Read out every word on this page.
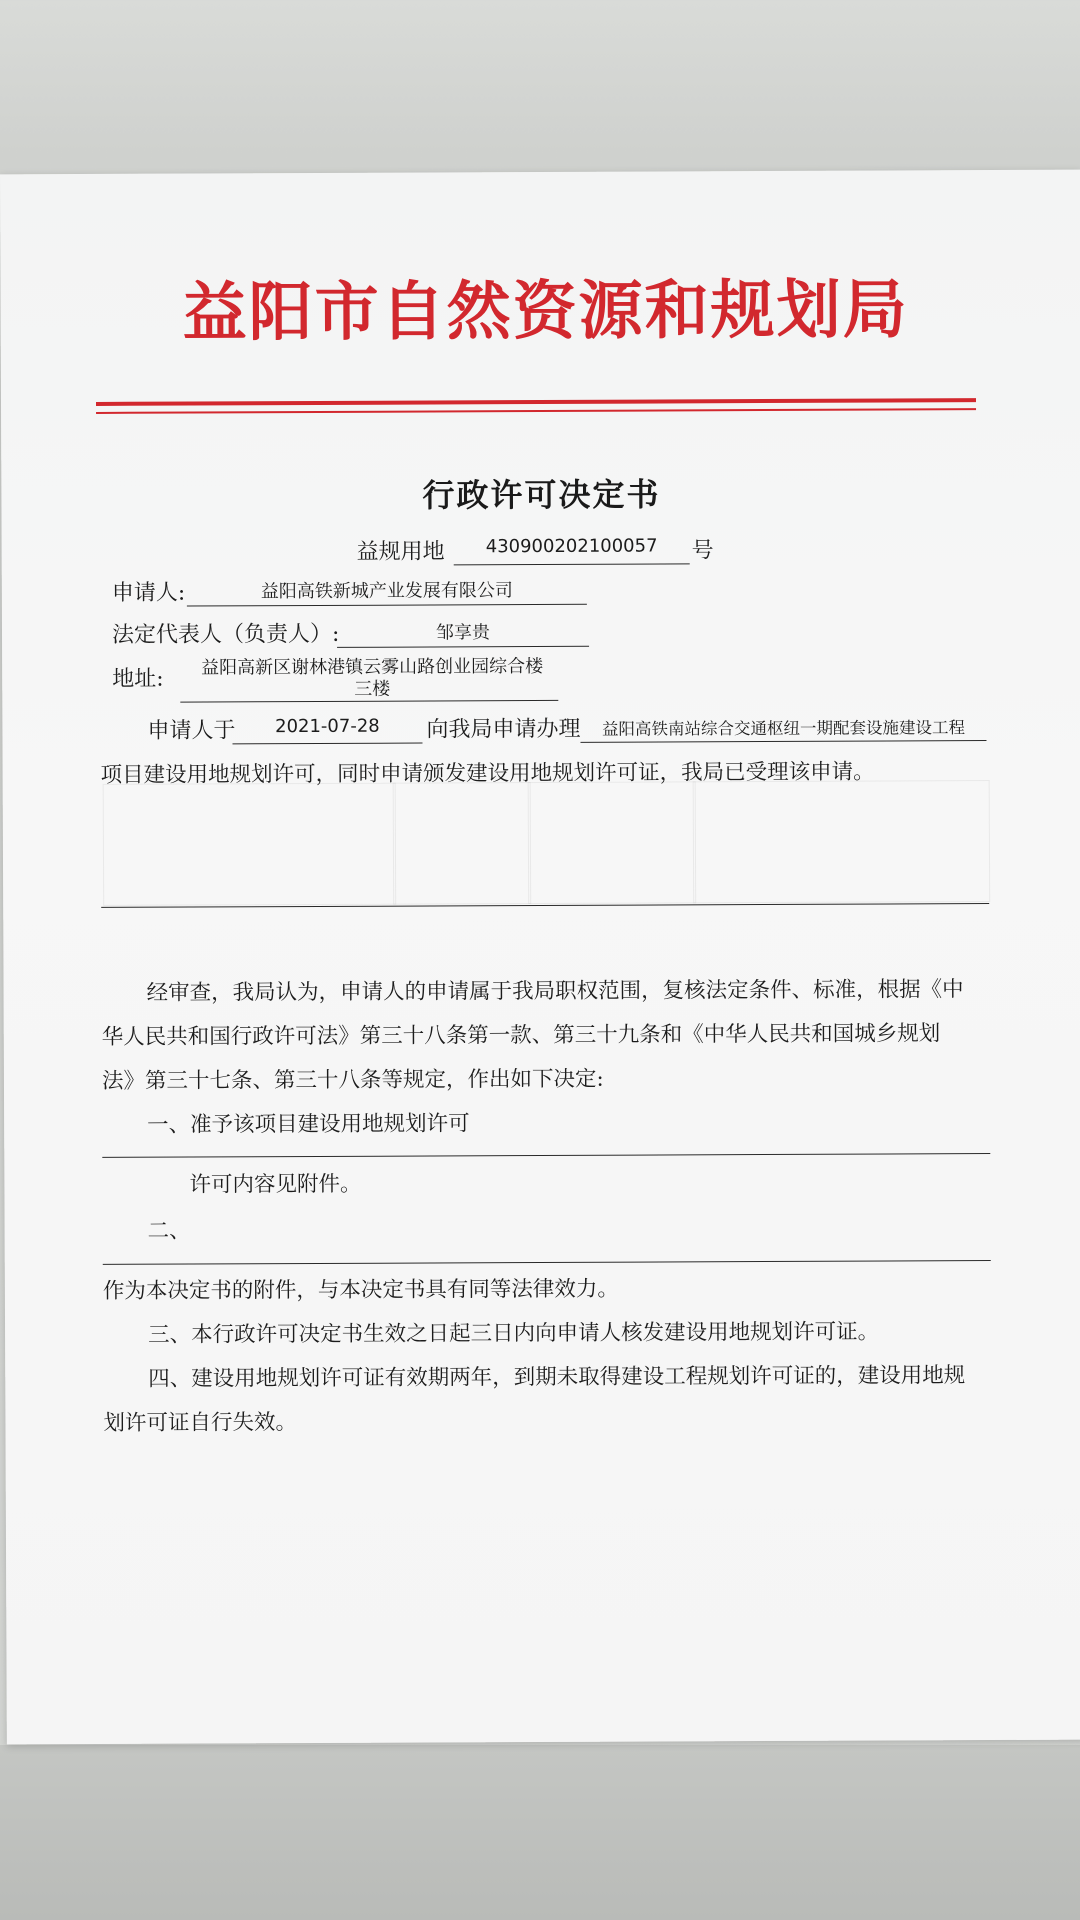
益阳市自然资源和规划局
行政许可决定书
益规用地	430900202100057	号
申请人:	益阳高铁新城产业发展有限公司
法定代表人（负责人）:	邹享贵
地址:	益阳高新区谢林港镇云雾山路创业园综合楼
三楼
申请人于	2021-07-28	向我局申请办理	益阳高铁南站综合交通枢纽一期配套设施建设工程
项目建设用地规划许可，同时申请颁发建设用地规划许可证，我局已受理该申请。
经审查，我局认为，申请人的申请属于我局职权范围，复核法定条件、标准，根据《中
华人民共和国行政许可法》第三十八条第一款、第三十九条和《中华人民共和国城乡规划
法》第三十七条、第三十八条等规定，作出如下决定:
一、准予该项目建设用地规划许可
许可内容见附件。
二、
作为本决定书的附件，与本决定书具有同等法律效力。
三、本行政许可决定书生效之日起三日内向申请人核发建设用地规划许可证。
四、建设用地规划许可证有效期两年，到期未取得建设工程规划许可证的，建设用地规
划许可证自行失效。
